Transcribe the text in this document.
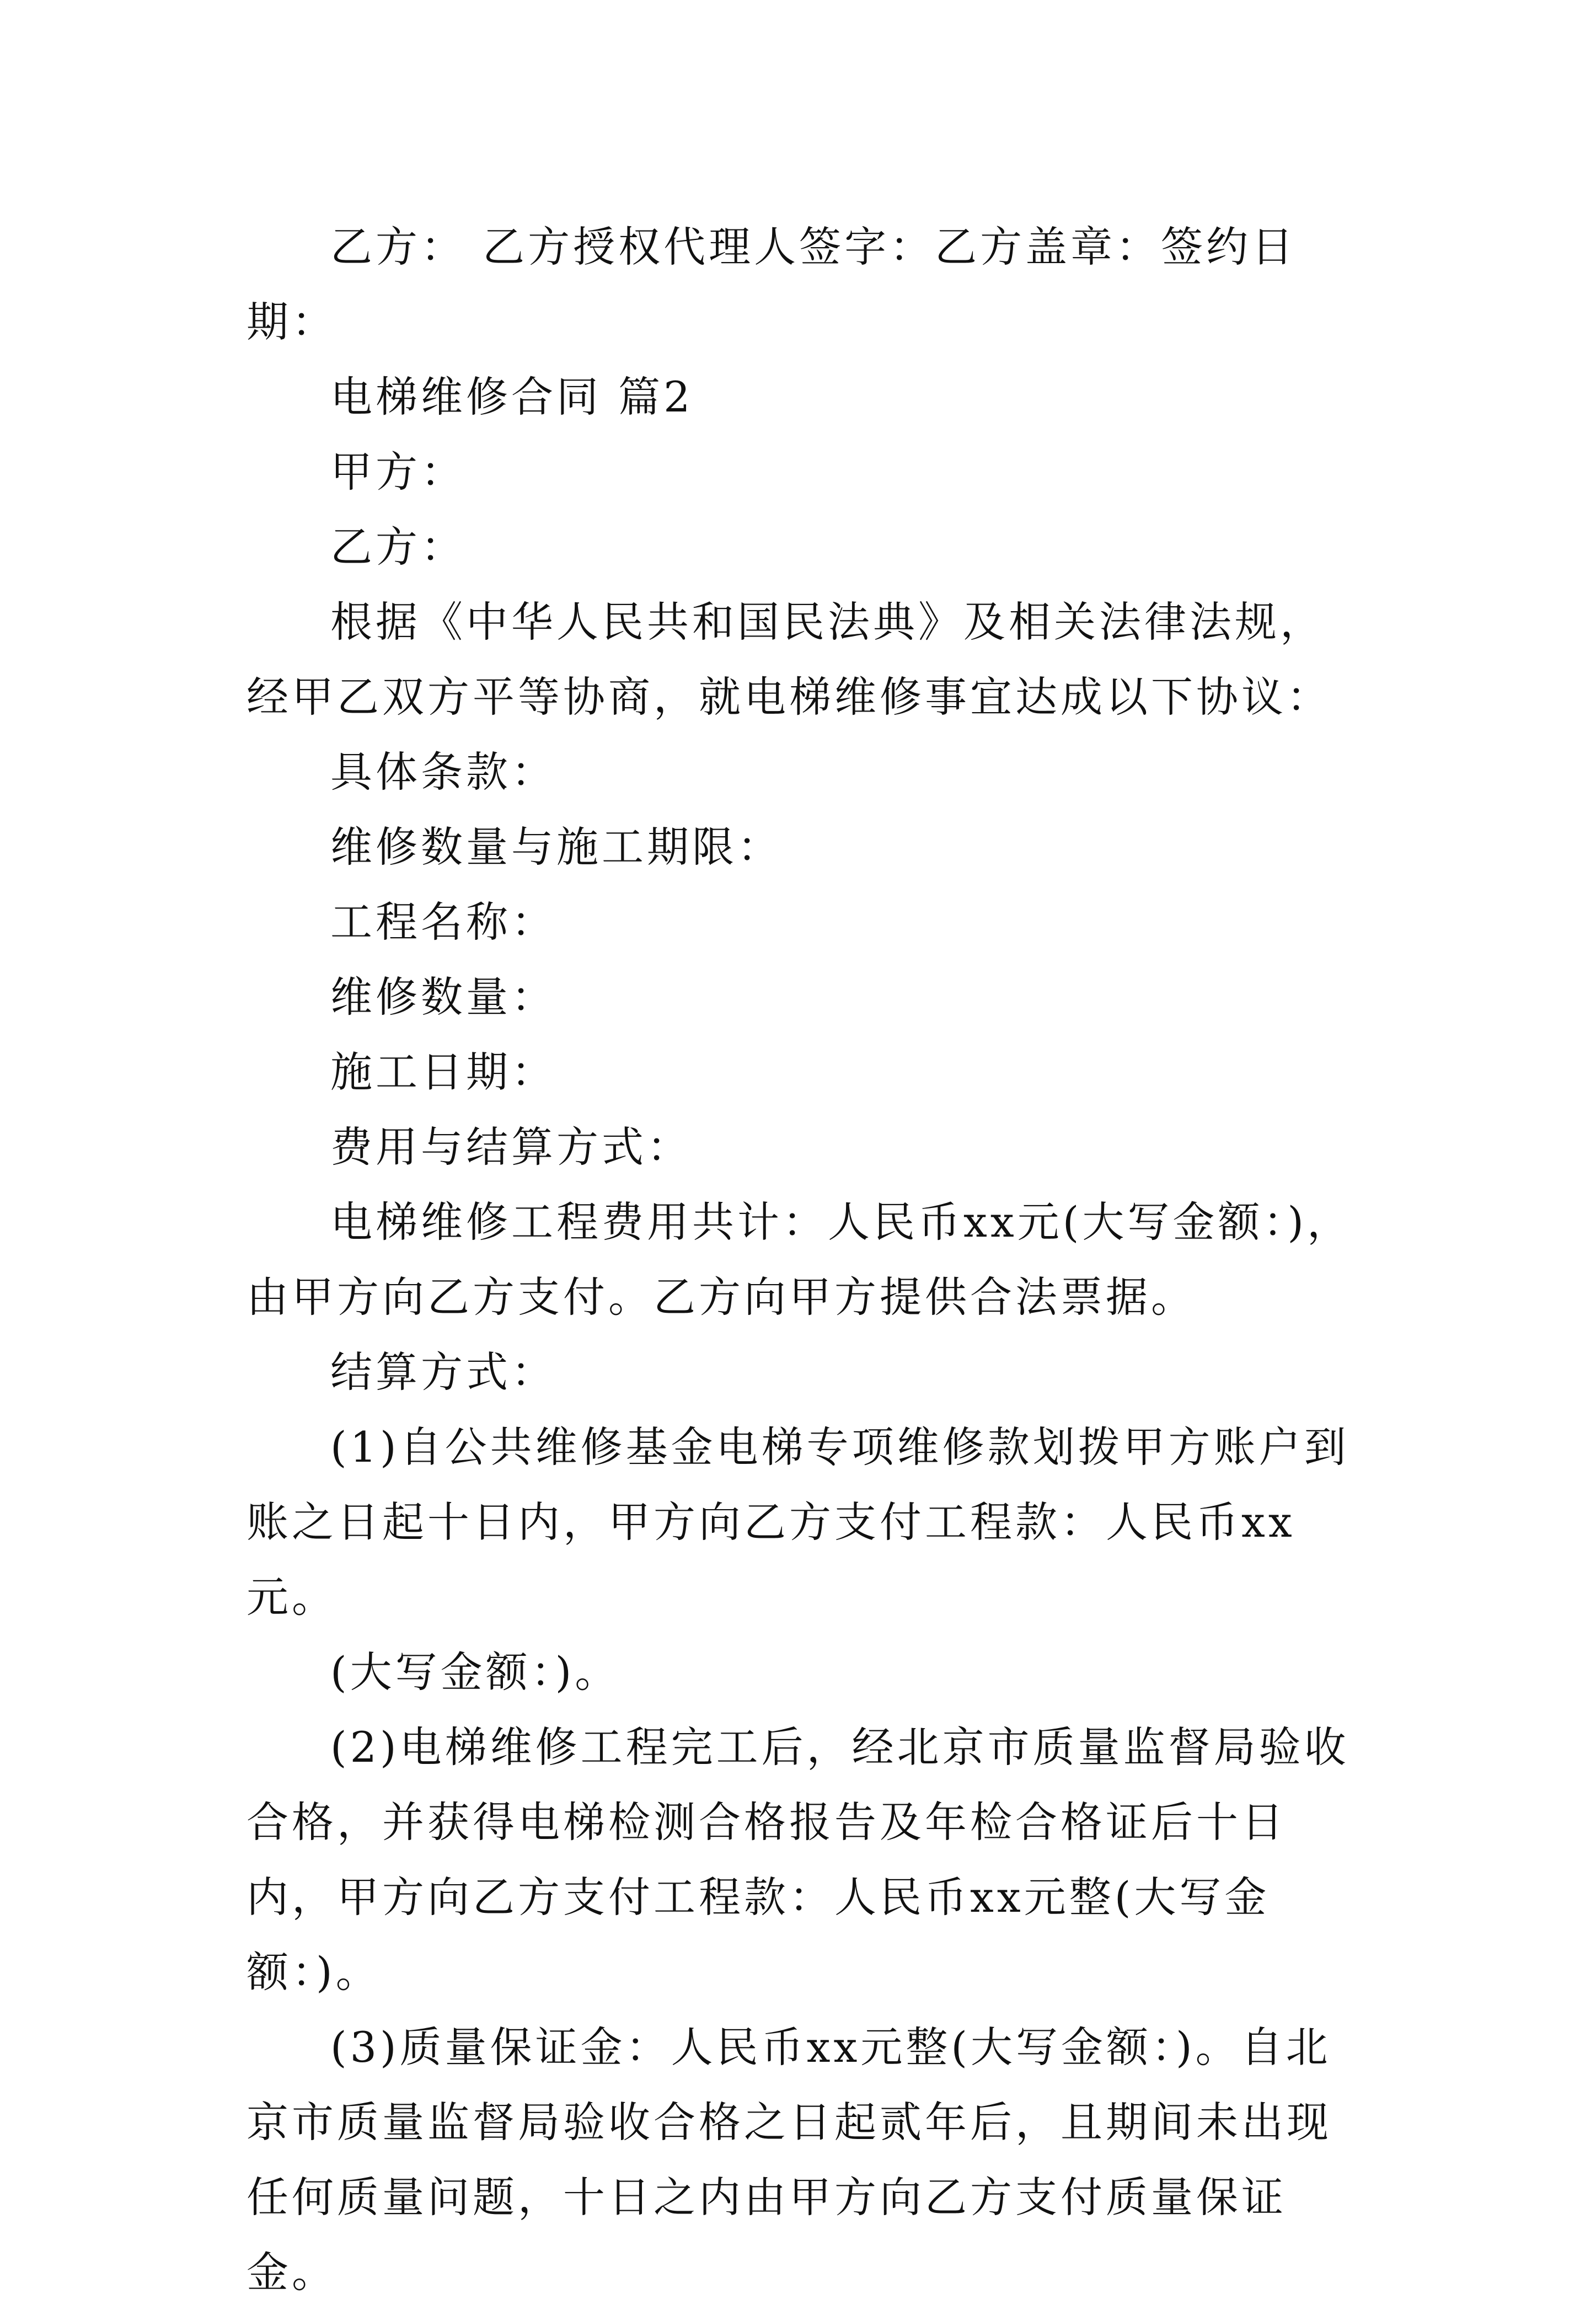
乙方： 乙方授权代理人签字：乙方盖章：签约日期：

电梯维修合同 篇2

甲方：

乙方：

根据《中华人民共和国民法典》及相关法律法规，经甲乙双方平等协商，就电梯维修事宜达成以下协议：

具体条款：

维修数量与施工期限：

工程名称：

维修数量：

施工日期：

费用与结算方式：

电梯维修工程费用共计：人民币xx元(大写金额：)，由甲方向乙方支付。乙方向甲方提供合法票据。

结算方式：

(1)自公共维修基金电梯专项维修款划拨甲方账户到账之日起十日内，甲方向乙方支付工程款：人民币xx元。

(大写金额：)。

(2)电梯维修工程完工后，经北京市质量监督局验收合格，并获得电梯检测合格报告及年检合格证后十日内，甲方向乙方支付工程款：人民币xx元整(大写金额：)。

(3)质量保证金：人民币xx元整(大写金额：)。自北京市质量监督局验收合格之日起贰年后，且期间未出现任何质量问题，十日之内由甲方向乙方支付质量保证金。
